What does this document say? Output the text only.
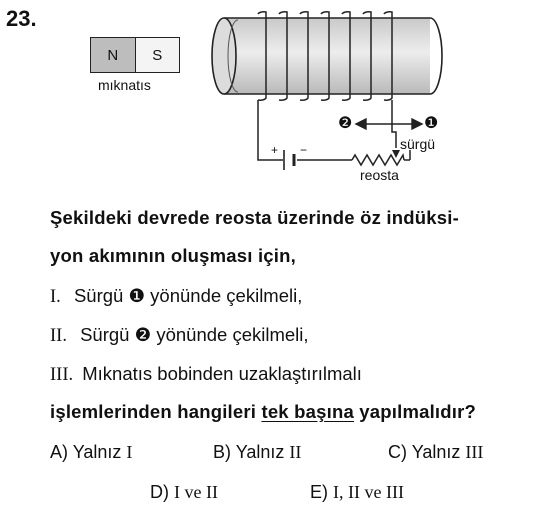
23.
N	S
mıknatıs
❷	❶
sürgü
reosta
+ −
Şekildeki devrede reosta üzerinde öz indüksi-
yon akımının oluşması için,
I. Sürgü ❶ yönünde çekilmeli,
II. Sürgü ❷ yönünde çekilmeli,
III. Mıknatıs bobinden uzaklaştırılmalı
işlemlerinden hangileri tek başına yapılmalıdır?
A) Yalnız I	B) Yalnız II	C) Yalnız III
D) I ve II	E) I, II ve III
